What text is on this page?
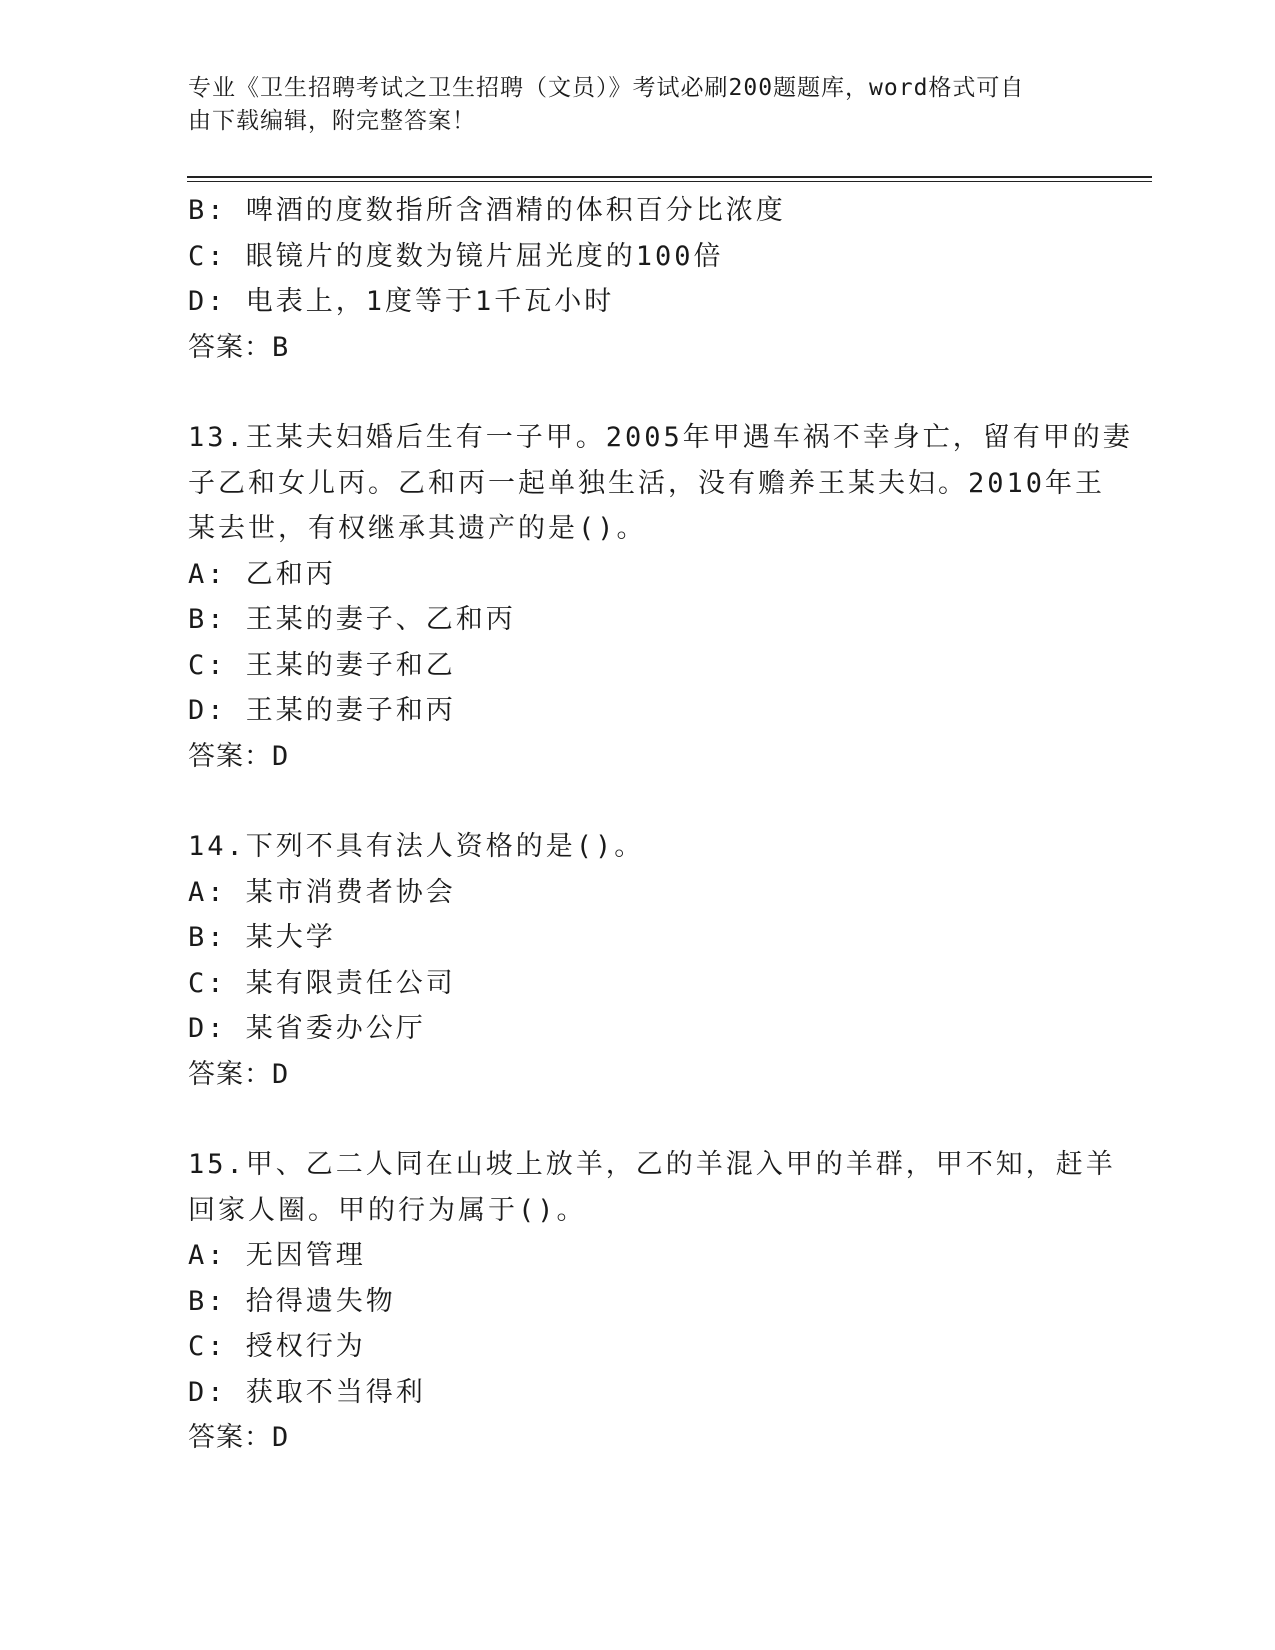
专业《卫生招聘考试之卫生招聘（文员）》考试必刷200题题库，word格式可自
由下载编辑，附完整答案！
B: 啤酒的度数指所含酒精的体积百分比浓度
C: 眼镜片的度数为镜片屈光度的100倍
D: 电表上，1度等于1千瓦小时
答案：B
13.王某夫妇婚后生有一子甲。2005年甲遇车祸不幸身亡，留有甲的妻
子乙和女儿丙。乙和丙一起单独生活，没有赡养王某夫妇。2010年王
某去世，有权继承其遗产的是()。
A: 乙和丙
B: 王某的妻子、乙和丙
C: 王某的妻子和乙
D: 王某的妻子和丙
答案：D
14.下列不具有法人资格的是()。
A: 某市消费者协会
B: 某大学
C: 某有限责任公司
D: 某省委办公厅
答案：D
15.甲、乙二人同在山坡上放羊，乙的羊混入甲的羊群，甲不知，赶羊
回家人圈。甲的行为属于()。
A: 无因管理
B: 拾得遗失物
C: 授权行为
D: 获取不当得利
答案：D
